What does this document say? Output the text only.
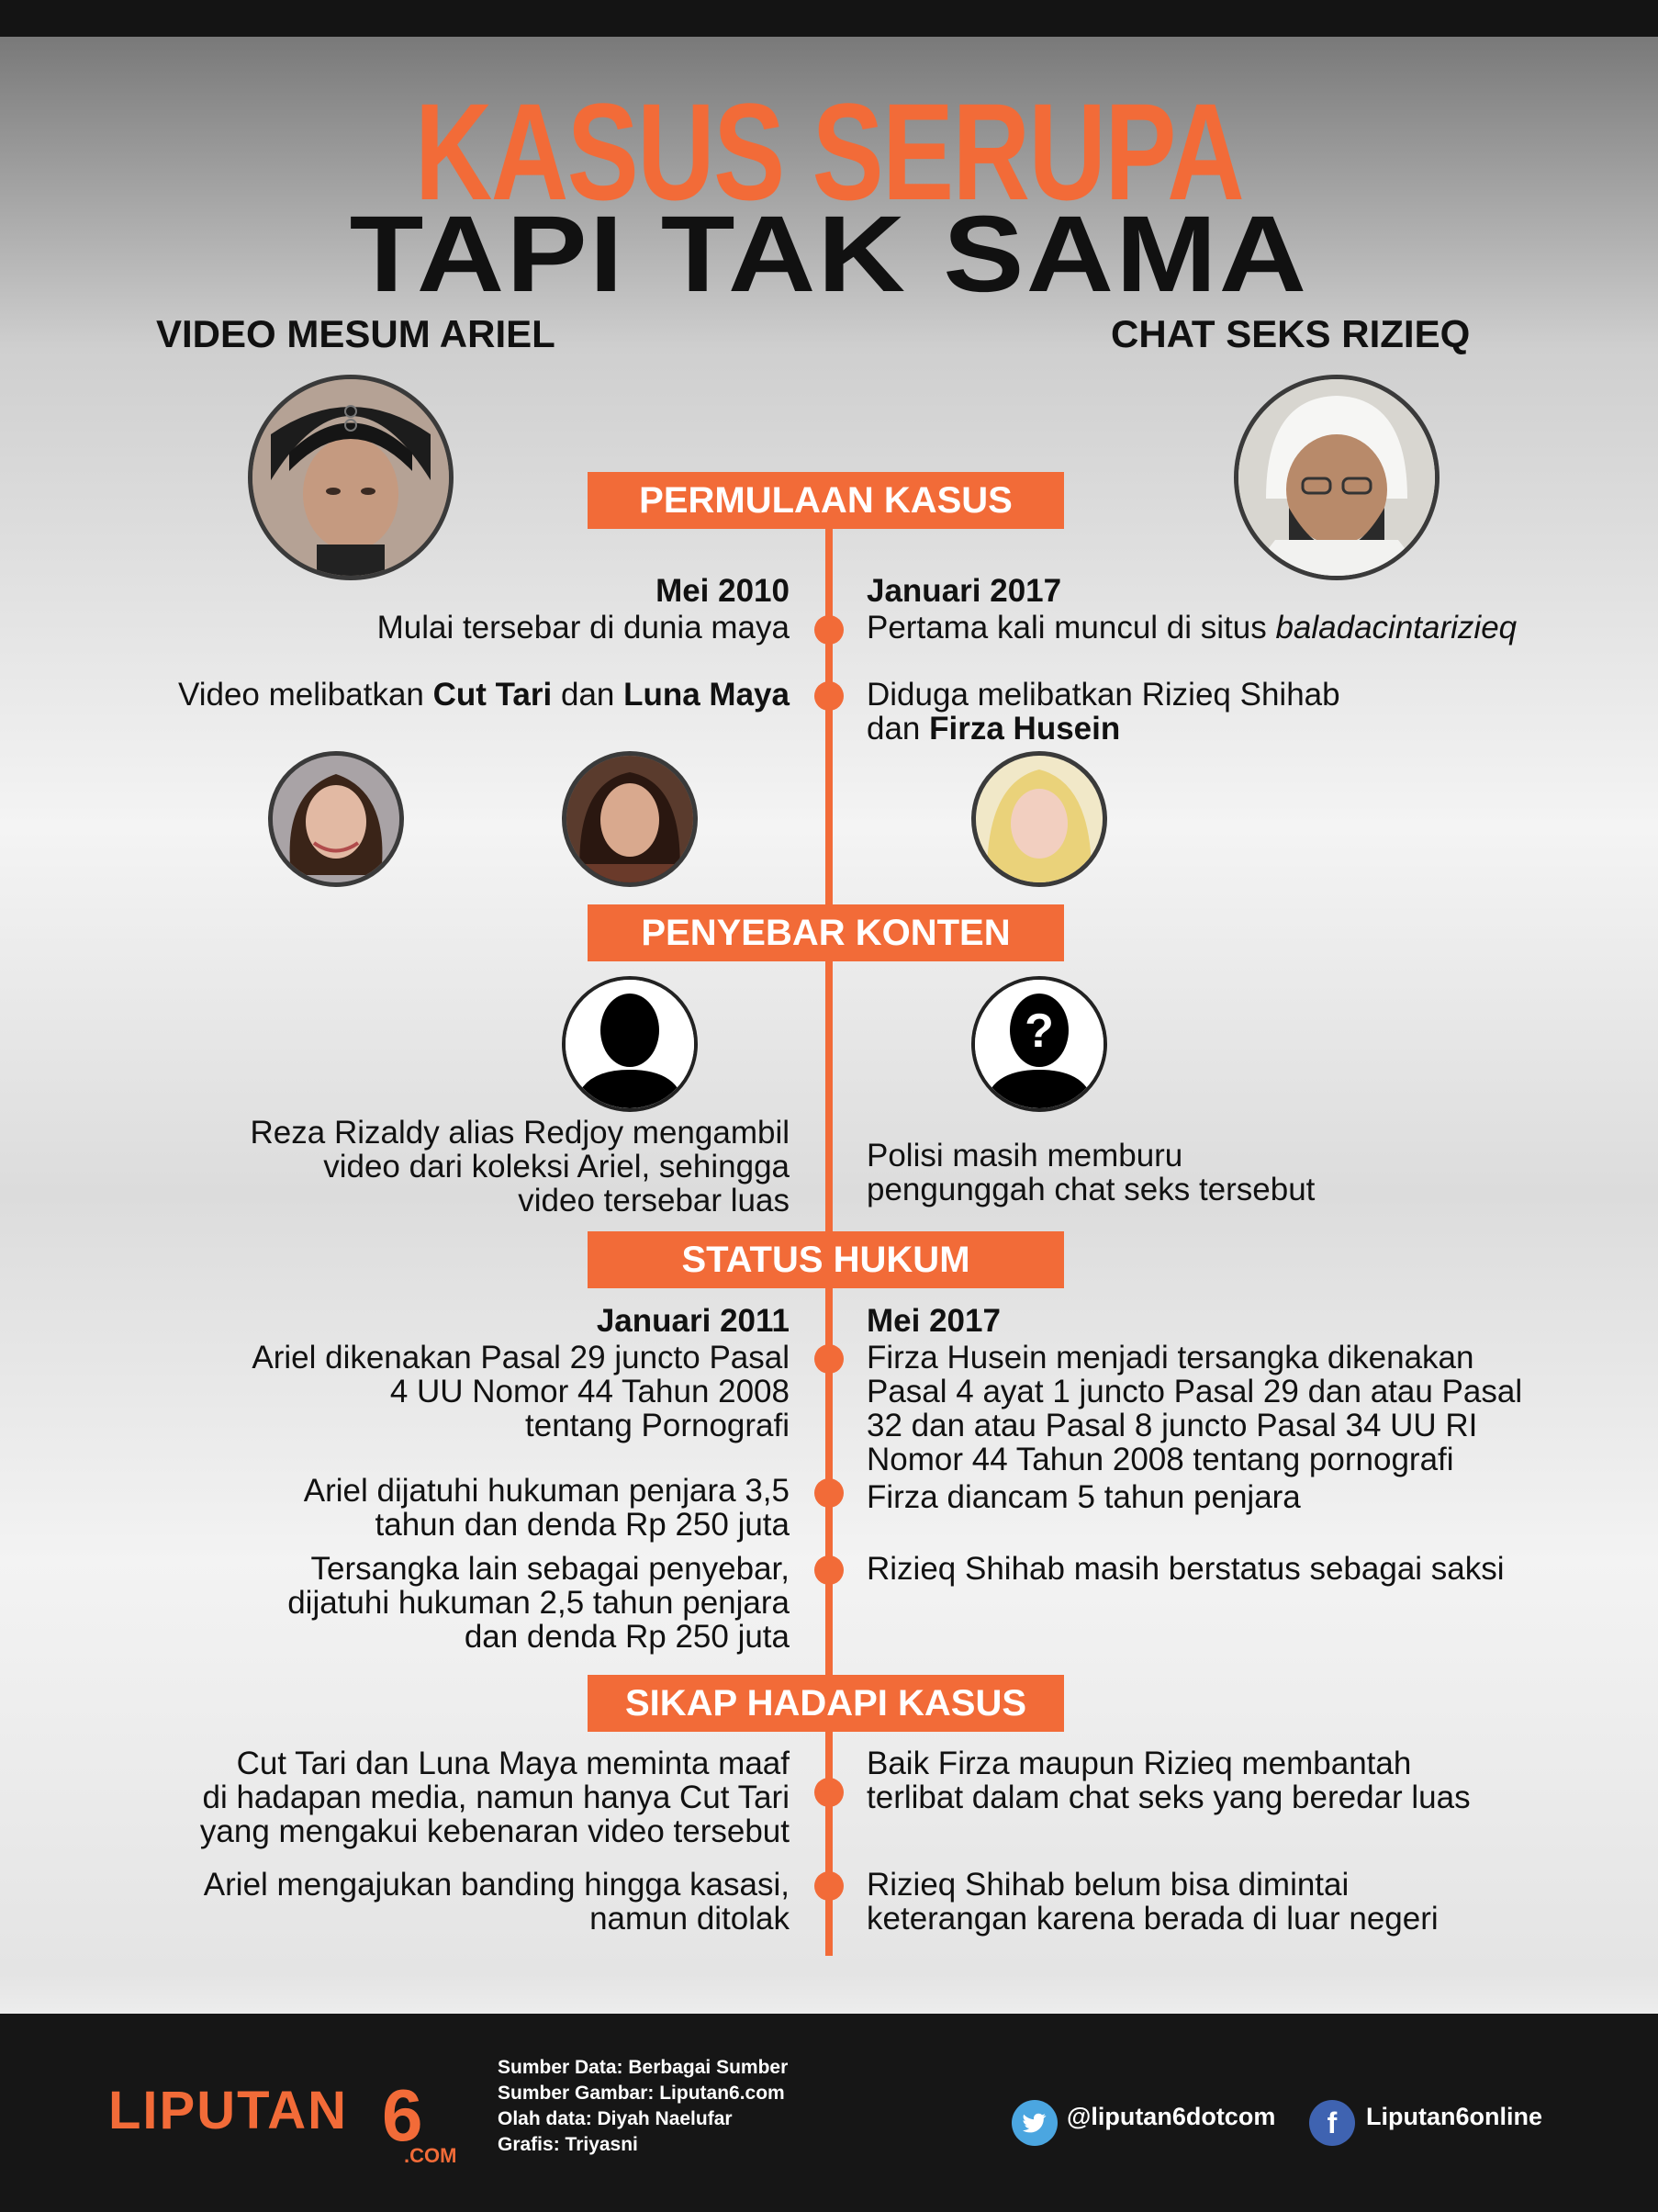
KASUS SERUPA
TAPI TAK SAMA
VIDEO MESUM ARIEL	CHAT SEKS RIZIEQ
PERMULAAN KASUS
Mei 2010
Mulai tersebar di dunia maya
Januari 2017
Pertama kali muncul di situs baladacintarizieq
Video melibatkan Cut Tari dan Luna Maya Diduga melibatkan Rizieq Shihab
dan Firza Husein
PENYEBAR KONTEN
?
Reza Rizaldy alias Redjoy mengambil
video dari koleksi Ariel, sehingga
video tersebar luas
Polisi masih memburu
pengunggah chat seks tersebut
STATUS HUKUM
Januari 2011 Mei 2017
Ariel dikenakan Pasal 29 juncto Pasal
4 UU Nomor 44 Tahun 2008
tentang Pornografi
Firza Husein menjadi tersangka dikenakan
Pasal 4 ayat 1 juncto Pasal 29 dan atau Pasal
32 dan atau Pasal 8 juncto Pasal 34 UU RI
Nomor 44 Tahun 2008 tentang pornografi
Ariel dijatuhi hukuman penjara 3,5
tahun dan denda Rp 250 juta
Firza diancam 5 tahun penjara
Tersangka lain sebagai penyebar,
dijatuhi hukuman 2,5 tahun penjara
dan denda Rp 250 juta
Rizieq Shihab masih berstatus sebagai saksi
SIKAP HADAPI KASUS
Cut Tari dan Luna Maya meminta maaf
di hadapan media, namun hanya Cut Tari
yang mengakui kebenaran video tersebut
Baik Firza maupun Rizieq membantah
terlibat dalam chat seks yang beredar luas
Ariel mengajukan banding hingga kasasi,
namun ditolak
Rizieq Shihab belum bisa dimintai
keterangan karena berada di luar negeri
LIPUTAN 6
.COM
Sumber Data: Berbagai Sumber
Sumber Gambar: Liputan6.com
Olah data: Diyah Naelufar
Grafis: Triyasni
@liputan6dotcom	f	Liputan6online
